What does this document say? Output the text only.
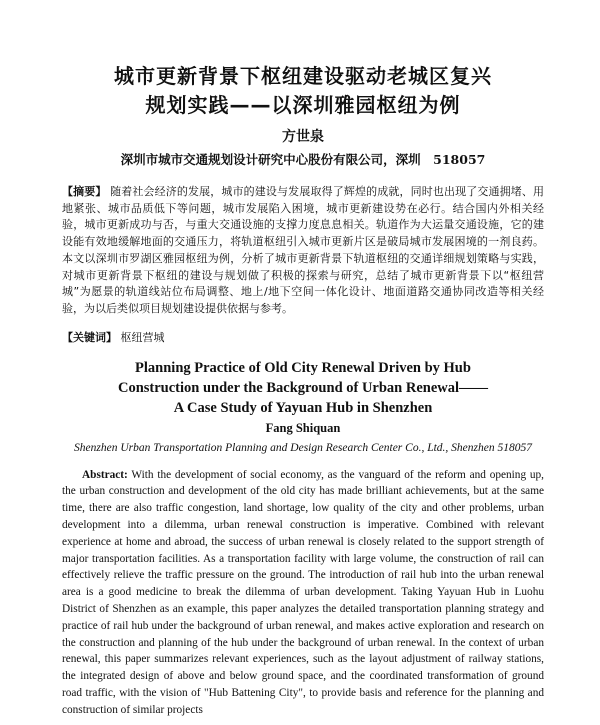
城市更新背景下枢纽建设驱动老城区复兴
规划实践——以深圳雅园枢纽为例
方世泉
深圳市城市交通规划设计研究中心股份有限公司，深圳　518057
【摘要】 随着社会经济的发展，城市的建设与发展取得了辉煌的成就，同时也出现了交通拥堵、用地紧张、城市品质低下等问题，城市发展陷入困境，城市更新建设势在必行。结合国内外相关经验，城市更新成功与否，与重大交通设施的支撑力度息息相关。轨道作为大运量交通设施，它的建设能有效地缓解地面的交通压力，将轨道枢纽引入城市更新片区是破局城市发展困境的一剂良药。本文以深圳市罗湖区雅园枢纽为例，分析了城市更新背景下轨道枢纽的交通详细规划策略与实践，对城市更新背景下枢纽的建设与规划做了积极的探索与研究，总结了城市更新背景下以“枢纽营城”为愿景的轨道线站位布局调整、地上/地下空间一体化设计、地面道路交通协同改造等相关经验，为以后类似项目规划建设提供依据与参考。
【关键词】 枢纽营城
Planning Practice of Old City Renewal Driven by Hub
Construction under the Background of Urban Renewal——
A Case Study of Yayuan Hub in Shenzhen
Fang Shiquan
Shenzhen Urban Transportation Planning and Design Research Center Co., Ltd., Shenzhen 518057
Abstract: With the development of social economy, as the vanguard of the reform and opening up, the urban construction and development of the old city has made brilliant achievements, but at the same time, there are also traffic congestion, land shortage, low quality of the city and other problems, urban development into a dilemma, urban renewal construction is imperative. Combined with relevant experience at home and abroad, the success of urban renewal is closely related to the support strength of major transportation facilities. As a transportation facility with large volume, the construction of rail can effectively relieve the traffic pressure on the ground. The introduction of rail hub into the urban renewal area is a good medicine to break the dilemma of urban development. Taking Yayuan Hub in Luohu District of Shenzhen as an example, this paper analyzes the detailed transportation planning strategy and practice of rail hub under the background of urban renewal, and makes active exploration and research on the construction and planning of the hub under the background of urban renewal. In the context of urban renewal, this paper summarizes relevant experiences, such as the layout adjustment of railway stations, the integrated design of above and below ground space, and the coordinated transformation of ground road traffic, with the vision of "Hub Battening City", to provide basis and reference for the planning and construction of similar projects
